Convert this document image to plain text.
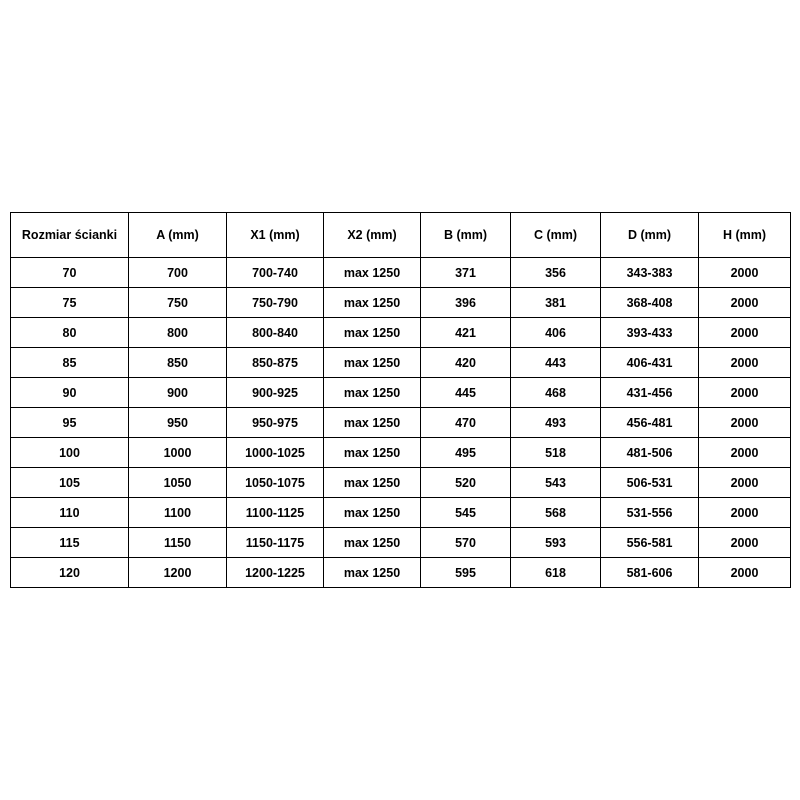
Rozmiar ścianki	A (mm)	X1 (mm)	X2 (mm)	B (mm)	C (mm)	D (mm)	H (mm)
70	700	700-740	max 1250	371	356	343-383	2000
75	750	750-790	max 1250	396	381	368-408	2000
80	800	800-840	max 1250	421	406	393-433	2000
85	850	850-875	max 1250	420	443	406-431	2000
90	900	900-925	max 1250	445	468	431-456	2000
95	950	950-975	max 1250	470	493	456-481	2000
100	1000	1000-1025	max 1250	495	518	481-506	2000
105	1050	1050-1075	max 1250	520	543	506-531	2000
110	1100	1100-1125	max 1250	545	568	531-556	2000
115	1150	1150-1175	max 1250	570	593	556-581	2000
120	1200	1200-1225	max 1250	595	618	581-606	2000
